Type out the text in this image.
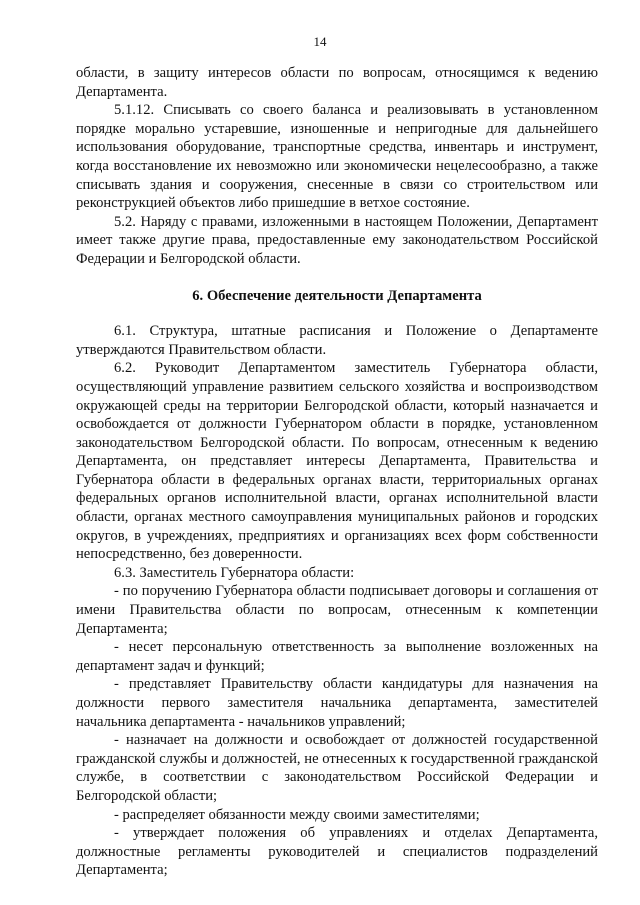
14

области, в защиту интересов области по вопросам, относящимся к ведению Департамента.

5.1.12. Списывать со своего баланса и реализовывать в установленном порядке морально устаревшие, изношенные и непригодные для дальнейшего использования оборудование, транспортные средства, инвентарь и инструмент, когда восстановление их невозможно или экономически нецелесообразно, а также списывать здания и сооружения, снесенные в связи со строительством или реконструкцией объектов либо пришедшие в ветхое состояние.

5.2. Наряду с правами, изложенными в настоящем Положении, Департамент имеет также другие права, предоставленные ему законодательством Российской Федерации и Белгородской области.

6. Обеспечение деятельности Департамента

6.1. Структура, штатные расписания и Положение о Департаменте утверждаются Правительством области.

6.2. Руководит Департаментом заместитель Губернатора области, осуществляющий управление развитием сельского хозяйства и воспроизводством окружающей среды на территории Белгородской области, который назначается и освобождается от должности Губернатором области в порядке, установленном законодательством Белгородской области. По вопросам, отнесенным к ведению Департамента, он представляет интересы Департамента, Правительства и Губернатора области в федеральных органах власти, территориальных органах федеральных органов исполнительной власти, органах исполнительной власти области, органах местного самоуправления муниципальных районов и городских округов, в учреждениях, предприятиях и организациях всех форм собственности непосредственно, без доверенности.

6.3. Заместитель Губернатора области:

- по поручению Губернатора области подписывает договоры и соглашения от имени Правительства области по вопросам, отнесенным к компетенции Департамента;

- несет персональную ответственность за выполнение возложенных на департамент задач и функций;

- представляет Правительству области кандидатуры для назначения на должности первого заместителя начальника департамента, заместителей начальника департамента - начальников управлений;

- назначает на должности и освобождает от должностей государственной гражданской службы и должностей, не отнесенных к государственной гражданской службе, в соответствии с законодательством Российской Федерации и Белгородской области;

- распределяет обязанности между своими заместителями;

- утверждает положения об управлениях и отделах Департамента, должностные регламенты руководителей и специалистов подразделений Департамента;
